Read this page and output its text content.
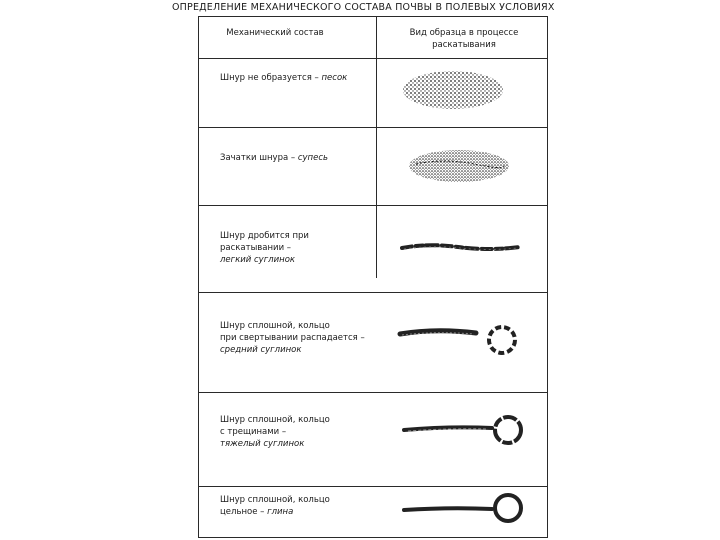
ОПРЕДЕЛЕНИЕ МЕХАНИЧЕСКОГО СОСТАВА ПОЧВЫ В ПОЛЕВЫХ УСЛОВИЯХ
Механический состав	Вид образца в процессе
раскатывания
Шнур не образуется – песок
Зачатки шнура – супесь
Шнур дробится при
раскатывании –
легкий суглинок
Шнур сплошной, кольцо
при свертывании распадается –
средний суглинок
Шнур сплошной, кольцо
с трещинами –
тяжелый суглинок
Шнур сплошной, кольцо
цельное – глина
